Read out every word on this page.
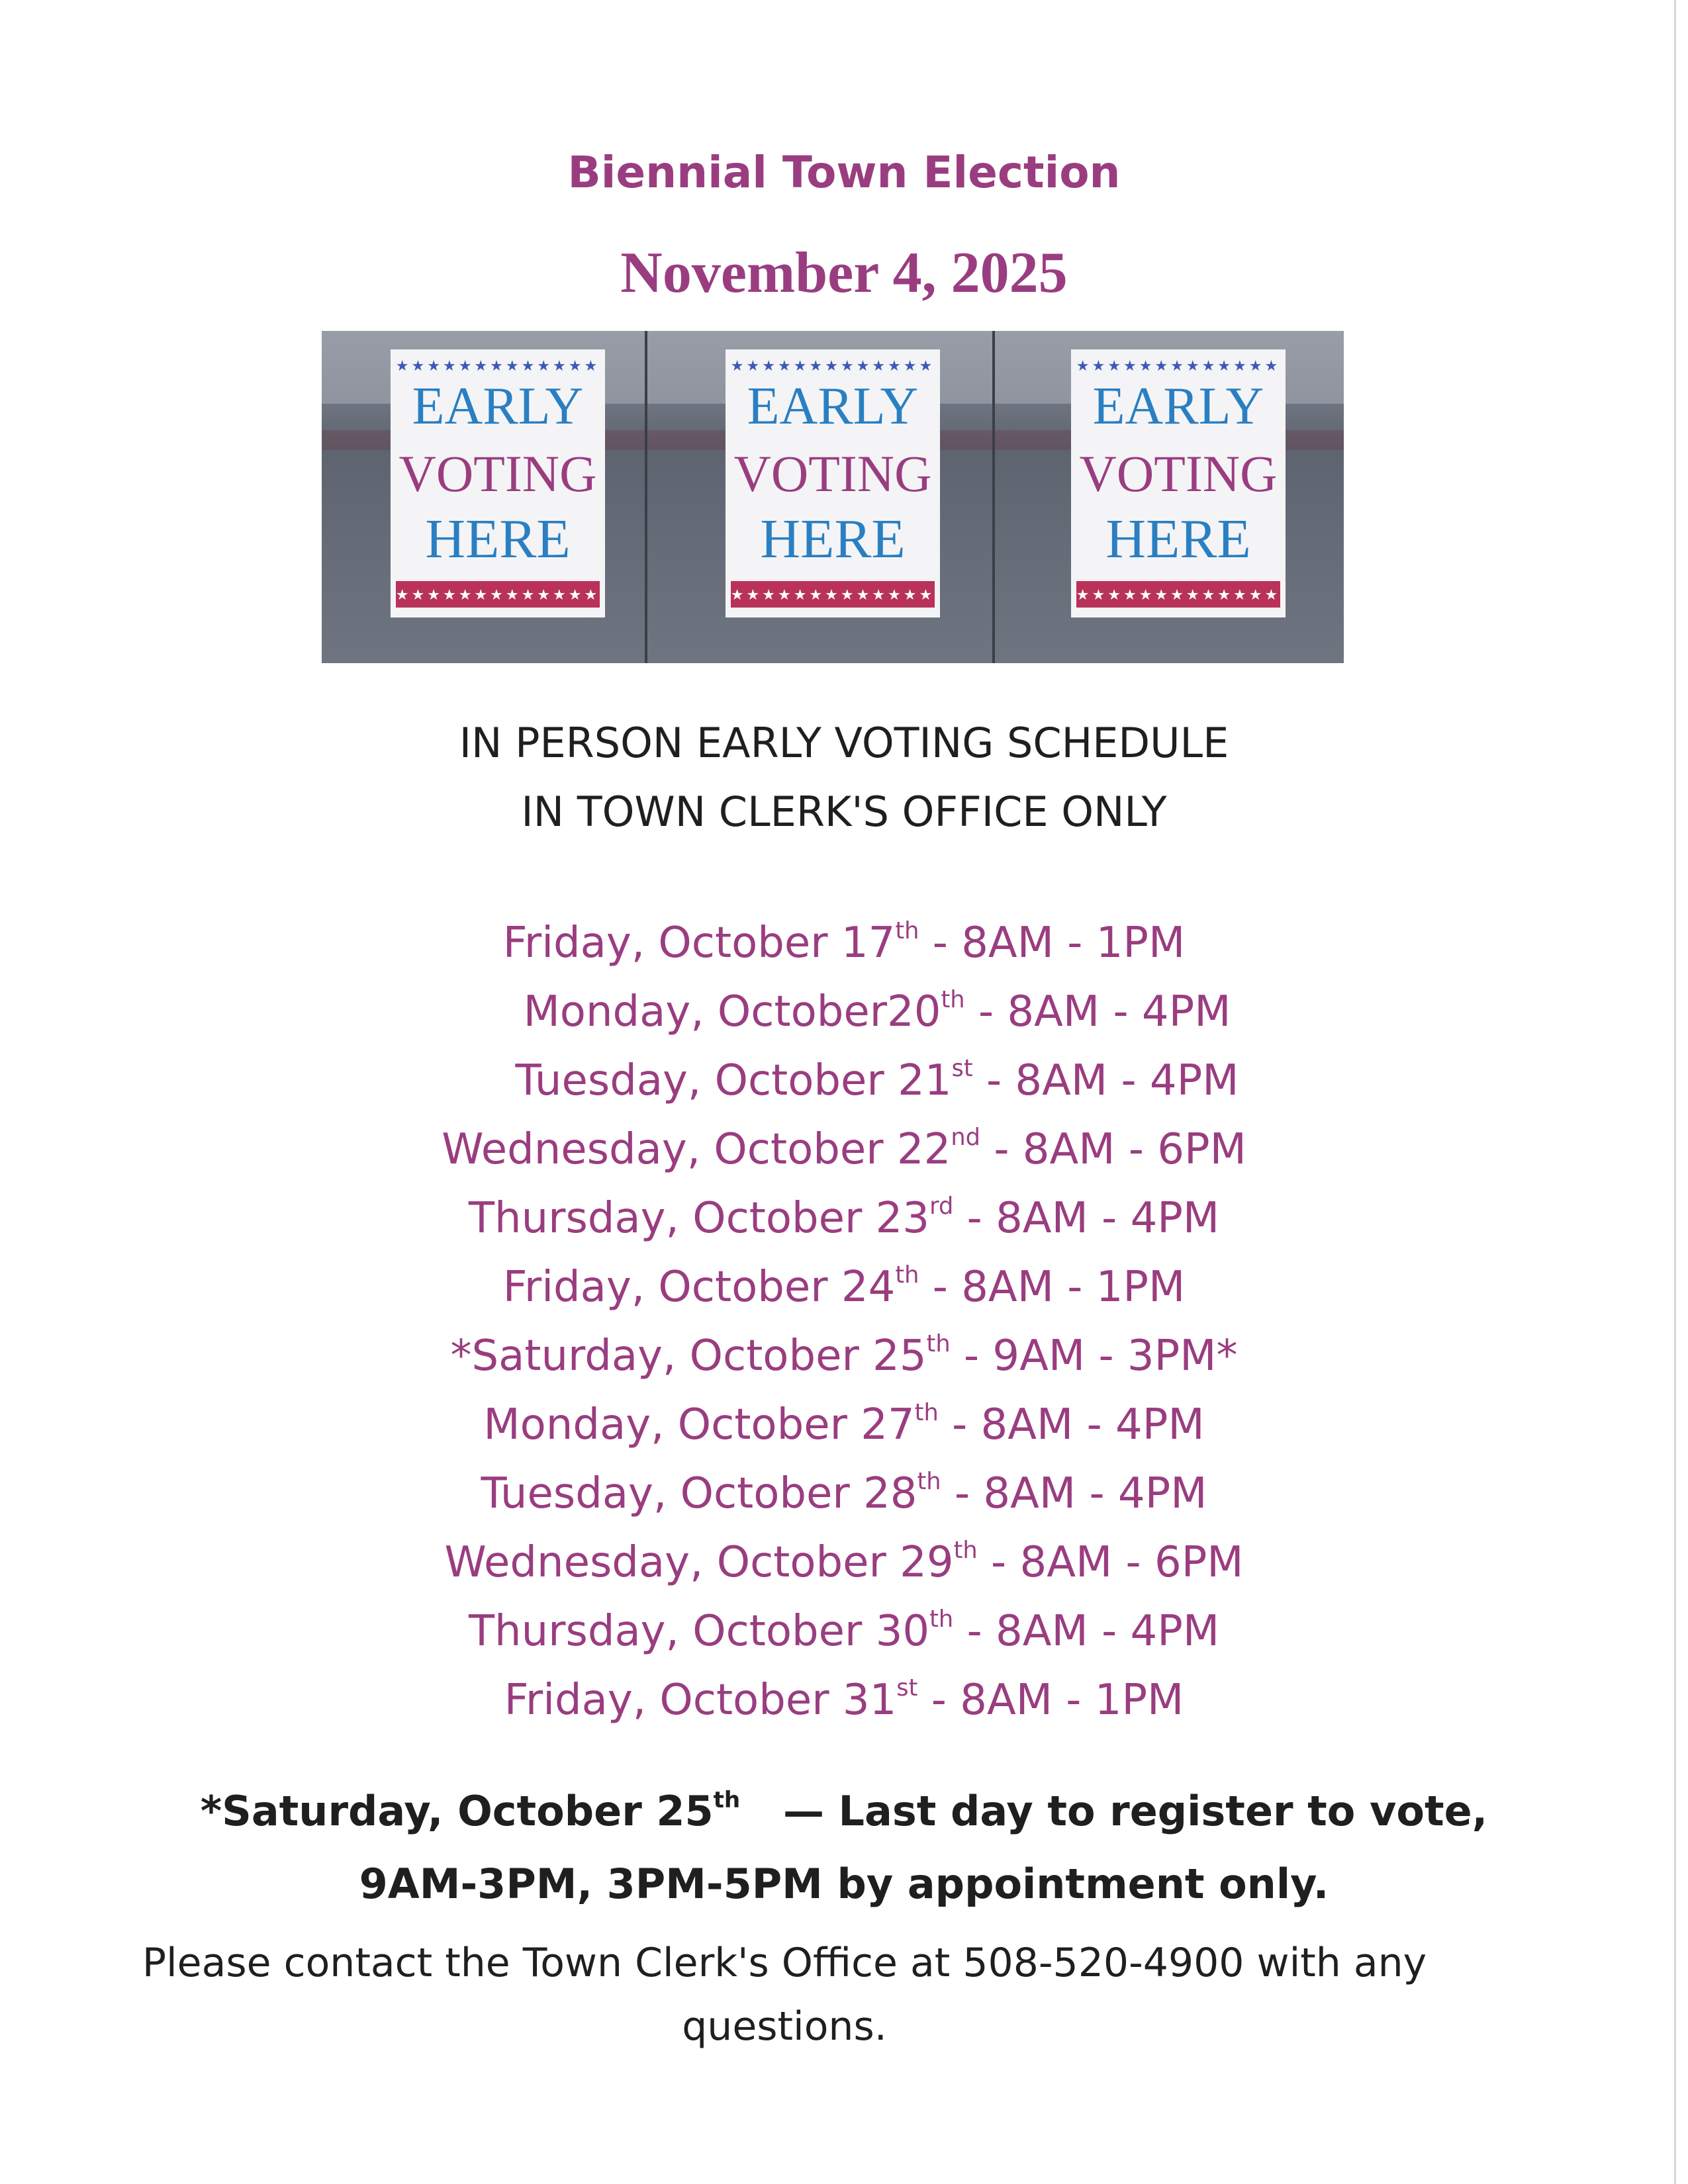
Biennial Town Election
November 4, 2025
★★★★★★★★★★★★★
EARLY
VOTING
HERE
★★★★★★★★★★★★★
★★★★★★★★★★★★★
EARLY
VOTING
HERE
★★★★★★★★★★★★★
★★★★★★★★★★★★★
EARLY
VOTING
HERE
★★★★★★★★★★★★★
IN PERSON EARLY VOTING SCHEDULE
IN TOWN CLERK'S OFFICE ONLY
Friday, October 17th - 8AM - 1PM
Monday, October20th - 8AM - 4PM
Tuesday, October 21st - 8AM - 4PM
Wednesday, October 22nd - 8AM - 6PM
Thursday, October 23rd - 8AM - 4PM
Friday, October 24th - 8AM - 1PM
*Saturday, October 25th - 9AM - 3PM*
Monday, October 27th - 8AM - 4PM
Tuesday, October 28th - 8AM - 4PM
Wednesday, October 29th - 8AM - 6PM
Thursday, October 30th - 8AM - 4PM
Friday, October 31st - 8AM - 1PM
*Saturday, October 25th   — Last day to register to vote,
9AM-3PM, 3PM-5PM by appointment only.
Please contact the Town Clerk's Office at 508-520-4900 with any questions.
